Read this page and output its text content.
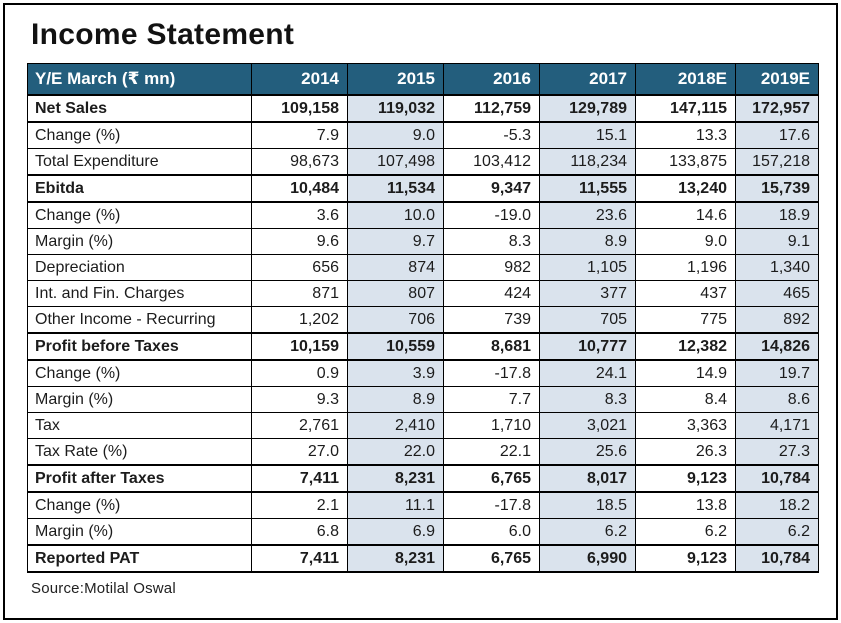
Income Statement
Y/E March (₹ mn)	2014	2015	2016	2017	2018E	2019E
Net Sales	109,158	119,032	112,759	129,789	147,115	172,957
Change (%)	7.9	9.0	-5.3	15.1	13.3	17.6
Total Expenditure	98,673	107,498	103,412	118,234	133,875	157,218
Ebitda	10,484	11,534	9,347	11,555	13,240	15,739
Change (%)	3.6	10.0	-19.0	23.6	14.6	18.9
Margin (%)	9.6	9.7	8.3	8.9	9.0	9.1
Depreciation	656	874	982	1,105	1,196	1,340
Int. and Fin. Charges	871	807	424	377	437	465
Other Income - Recurring	1,202	706	739	705	775	892
Profit before Taxes	10,159	10,559	8,681	10,777	12,382	14,826
Change (%)	0.9	3.9	-17.8	24.1	14.9	19.7
Margin (%)	9.3	8.9	7.7	8.3	8.4	8.6
Tax	2,761	2,410	1,710	3,021	3,363	4,171
Tax Rate (%)	27.0	22.0	22.1	25.6	26.3	27.3
Profit after Taxes	7,411	8,231	6,765	8,017	9,123	10,784
Change (%)	2.1	11.1	-17.8	18.5	13.8	18.2
Margin (%)	6.8	6.9	6.0	6.2	6.2	6.2
Reported PAT	7,411	8,231	6,765	6,990	9,123	10,784
Source:Motilal Oswal
